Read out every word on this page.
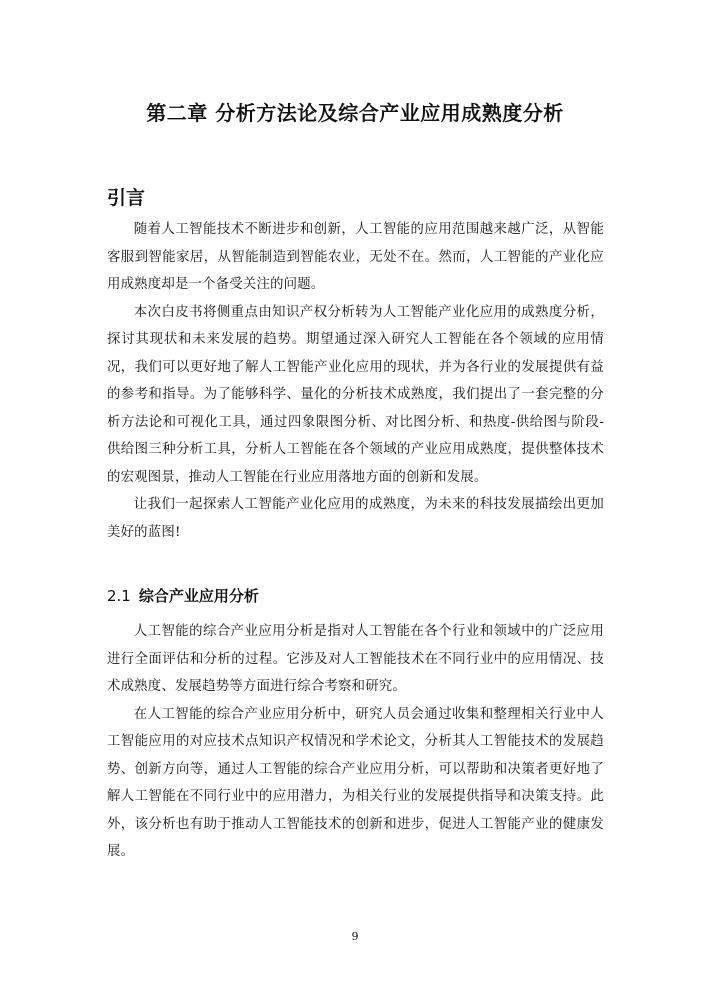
第二章 分析方法论及综合产业应用成熟度分析
引言

随着人工智能技术不断进步和创新，人工智能的应用范围越来越广泛，从智能客服到智能家居，从智能制造到智能农业，无处不在。然而，人工智能的产业化应用成熟度却是一个备受关注的问题。

本次白皮书将侧重点由知识产权分析转为人工智能产业化应用的成熟度分析，探讨其现状和未来发展的趋势。期望通过深入研究人工智能在各个领域的应用情况，我们可以更好地了解人工智能产业化应用的现状，并为各行业的发展提供有益的参考和指导。为了能够科学、量化的分析技术成熟度，我们提出了一套完整的分析方法论和可视化工具，通过四象限图分析、对比图分析、和热度-供给图与阶段-供给图三种分析工具，分析人工智能在各个领域的产业应用成熟度，提供整体技术的宏观图景，推动人工智能在行业应用落地方面的创新和发展。

让我们一起探索人工智能产业化应用的成熟度，为未来的科技发展描绘出更加美好的蓝图!

2.1 综合产业应用分析

人工智能的综合产业应用分析是指对人工智能在各个行业和领域中的广泛应用进行全面评估和分析的过程。它涉及对人工智能技术在不同行业中的应用情况、技术成熟度、发展趋势等方面进行综合考察和研究。

在人工智能的综合产业应用分析中，研究人员会通过收集和整理相关行业中人工智能应用的对应技术点知识产权情况和学术论文，分析其人工智能技术的发展趋势、创新方向等，通过人工智能的综合产业应用分析，可以帮助和决策者更好地了解人工智能在不同行业中的应用潜力，为相关行业的发展提供指导和决策支持。此外，该分析也有助于推动人工智能技术的创新和进步，促进人工智能产业的健康发展。

9
